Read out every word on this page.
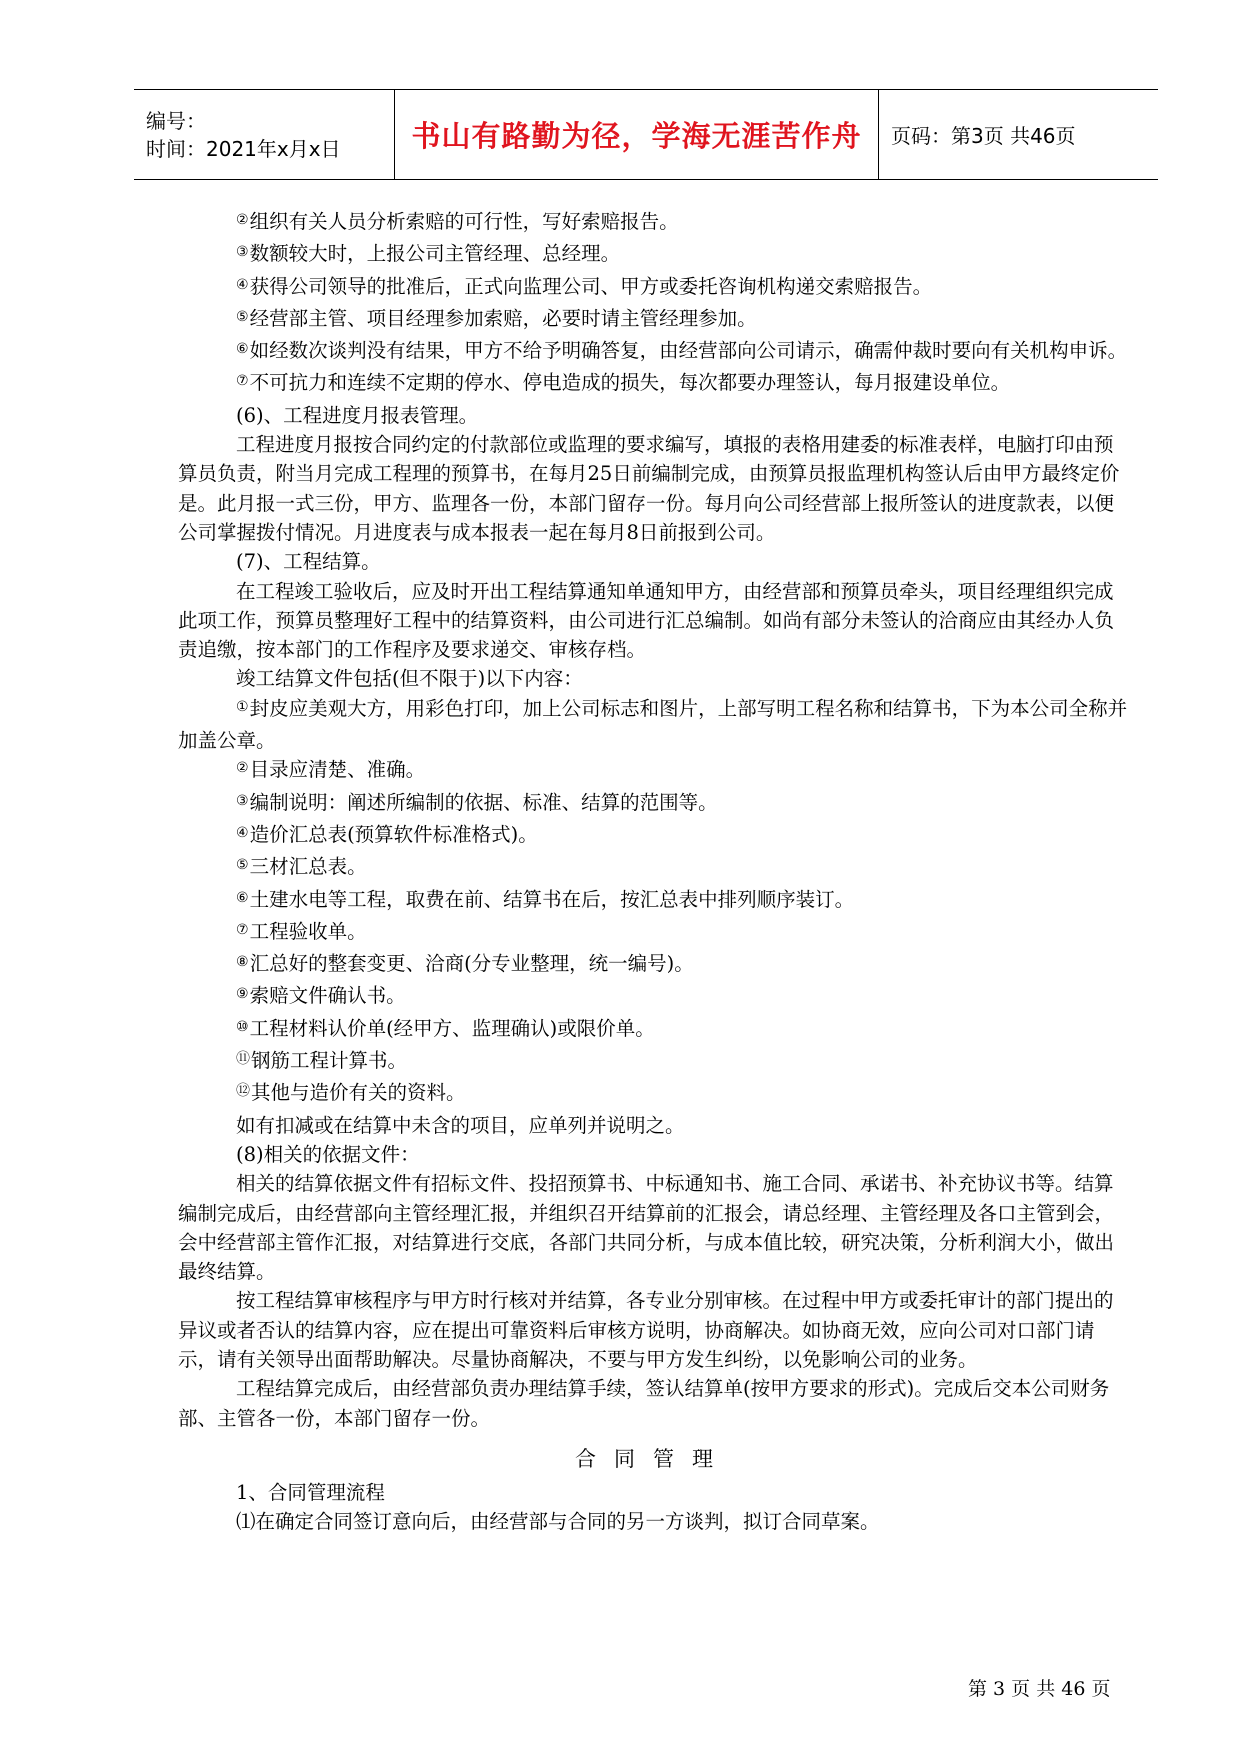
编号：
时间：2021年x月x日	书山有路勤为径，学海无涯苦作舟 页码：第3页 共46页

②组织有关人员分析索赔的可行性，写好索赔报告。

③数额较大时，上报公司主管经理、总经理。

④获得公司领导的批准后，正式向监理公司、甲方或委托咨询机构递交索赔报告。

⑤经营部主管、项目经理参加索赔，必要时请主管经理参加。

⑥如经数次谈判没有结果，甲方不给予明确答复，由经营部向公司请示，确需仲裁时要向有关机构申诉。

⑦不可抗力和连续不定期的停水、停电造成的损失，每次都要办理签认，每月报建设单位。

(6)、工程进度月报表管理。

工程进度月报按合同约定的付款部位或监理的要求编写，填报的表格用建委的标准表样，电脑打印由预算员负责，附当月完成工程理的预算书，在每月25日前编制完成，由预算员报监理机构签认后由甲方最终定价是。此月报一式三份，甲方、监理各一份，本部门留存一份。每月向公司经营部上报所签认的进度款表，以便公司掌握拨付情况。月进度表与成本报表一起在每月8日前报到公司。

(7)、工程结算。

在工程竣工验收后，应及时开出工程结算通知单通知甲方，由经营部和预算员牵头，项目经理组织完成此项工作，预算员整理好工程中的结算资料，由公司进行汇总编制。如尚有部分未签认的洽商应由其经办人负责追缴，按本部门的工作程序及要求递交、审核存档。

竣工结算文件包括(但不限于)以下内容：

①封皮应美观大方，用彩色打印，加上公司标志和图片，上部写明工程名称和结算书，下为本公司全称并加盖公章。

②目录应清楚、准确。

③编制说明：阐述所编制的依据、标准、结算的范围等。

④造价汇总表(预算软件标准格式)。

⑤三材汇总表。

⑥土建水电等工程，取费在前、结算书在后，按汇总表中排列顺序装订。

⑦工程验收单。

⑧汇总好的整套变更、洽商(分专业整理，统一编号)。

⑨索赔文件确认书。

⑩工程材料认价单(经甲方、监理确认)或限价单。

⑪钢筋工程计算书。

⑫其他与造价有关的资料。

如有扣减或在结算中未含的项目，应单列并说明之。

(8)相关的依据文件：

相关的结算依据文件有招标文件、投招预算书、中标通知书、施工合同、承诺书、补充协议书等。结算编制完成后，由经营部向主管经理汇报，并组织召开结算前的汇报会，请总经理、主管经理及各口主管到会，会中经营部主管作汇报，对结算进行交底，各部门共同分析，与成本值比较，研究决策，分析利润大小，做出最终结算。

按工程结算审核程序与甲方时行核对并结算，各专业分别审核。在过程中甲方或委托审计的部门提出的异议或者否认的结算内容，应在提出可靠资料后审核方说明，协商解决。如协商无效，应向公司对口部门请示，请有关领导出面帮助解决。尽量协商解决，不要与甲方发生纠纷，以免影响公司的业务。

工程结算完成后，由经营部负责办理结算手续，签认结算单(按甲方要求的形式)。完成后交本公司财务部、主管各一份，本部门留存一份。

合同管理

1、合同管理流程

⑴在确定合同签订意向后，由经营部与合同的另一方谈判，拟订合同草案。

第 3 页 共 46 页
